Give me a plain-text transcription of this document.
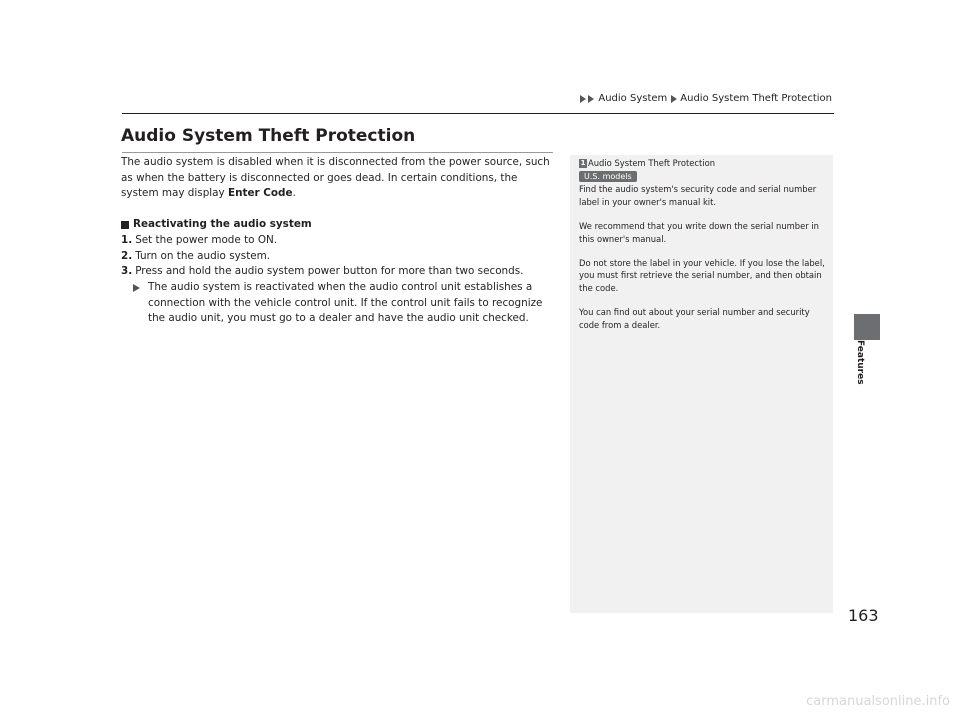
Audio System Audio System Theft Protection
Audio System Theft Protection

The audio system is disabled when it is disconnected from the power source, such as when the battery is disconnected or goes dead. In certain conditions, the system may display Enter Code.

Reactivating the audio system

1. Set the power mode to ON.

2. Turn on the audio system.

3. Press and hold the audio system power button for more than two seconds.

The audio system is reactivated when the audio control unit establishes a connection with the vehicle control unit. If the control unit fails to recognize the audio unit, you must go to a dealer and have the audio unit checked.

Features
1 Audio System Theft Protection
U.S. models

Find the audio system's security code and serial number label in your owner's manual kit.

We recommend that you write down the serial number in this owner's manual.

Do not store the label in your vehicle. If you lose the label, you must first retrieve the serial number, and then obtain the code.

You can find out about your serial number and security code from a dealer.

163

carmanualsonline.info
